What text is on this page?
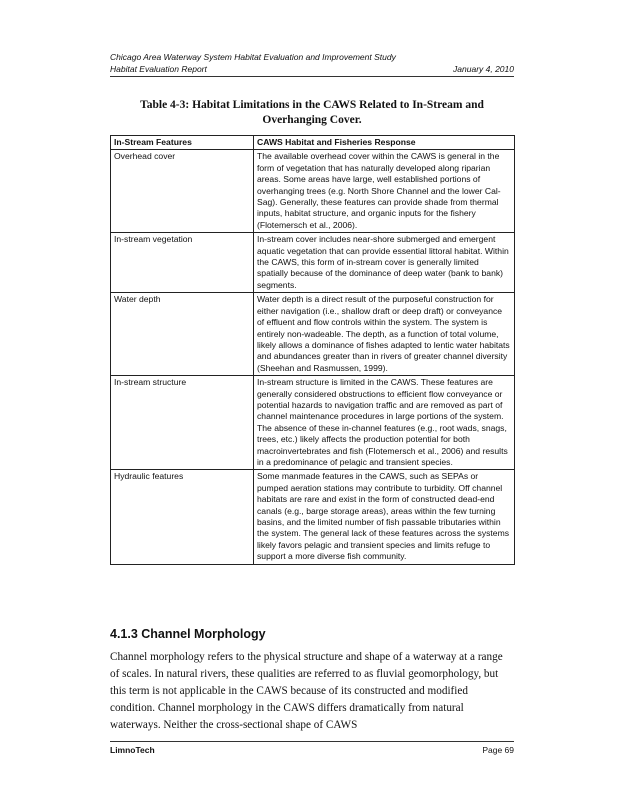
Chicago Area Waterway System Habitat Evaluation and Improvement Study
Habitat Evaluation Report	January 4, 2010
Table 4-3: Habitat Limitations in the CAWS Related to In-Stream and
Overhanging Cover.
In-Stream Features	CAWS Habitat and Fisheries Response
Overhead cover	The available overhead cover within the CAWS is general in the form of vegetation that has naturally developed along riparian areas. Some areas have large, well established portions of overhanging trees (e.g. North Shore Channel and the lower Cal-Sag). Generally, these features can provide shade from thermal inputs, habitat structure, and organic inputs for the fishery (Flotemersch et al., 2006).
In-stream vegetation	In-stream cover includes near-shore submerged and emergent aquatic vegetation that can provide essential littoral habitat. Within the CAWS, this form of in-stream cover is generally limited spatially because of the dominance of deep water (bank to bank) segments.
Water depth	Water depth is a direct result of the purposeful construction for either navigation (i.e., shallow draft or deep draft) or conveyance of effluent and flow controls within the system. The system is entirely non-wadeable. The depth, as a function of total volume, likely allows a dominance of fishes adapted to lentic water habitats and abundances greater than in rivers of greater channel diversity (Sheehan and Rasmussen, 1999).
In-stream structure	In-stream structure is limited in the CAWS. These features are generally considered obstructions to efficient flow conveyance or potential hazards to navigation traffic and are removed as part of channel maintenance procedures in large portions of the system. The absence of these in-channel features (e.g., root wads, snags, trees, etc.) likely affects the production potential for both macroinvertebrates and fish (Flotemersch et al., 2006) and results in a predominance of pelagic and transient species.
Hydraulic features	Some manmade features in the CAWS, such as SEPAs or pumped aeration stations may contribute to turbidity. Off channel habitats are rare and exist in the form of constructed dead-end canals (e.g., barge storage areas), areas within the few turning basins, and the limited number of fish passable tributaries within the system. The general lack of these features across the systems likely favors pelagic and transient species and limits refuge to support a more diverse fish community.
4.1.3 Channel Morphology

Channel morphology refers to the physical structure and shape of a waterway at a range of scales. In natural rivers, these qualities are referred to as fluvial geomorphology, but this term is not applicable in the CAWS because of its constructed and modified condition. Channel morphology in the CAWS differs dramatically from natural waterways. Neither the cross-sectional shape of CAWS

LimnoTech	Page 69
